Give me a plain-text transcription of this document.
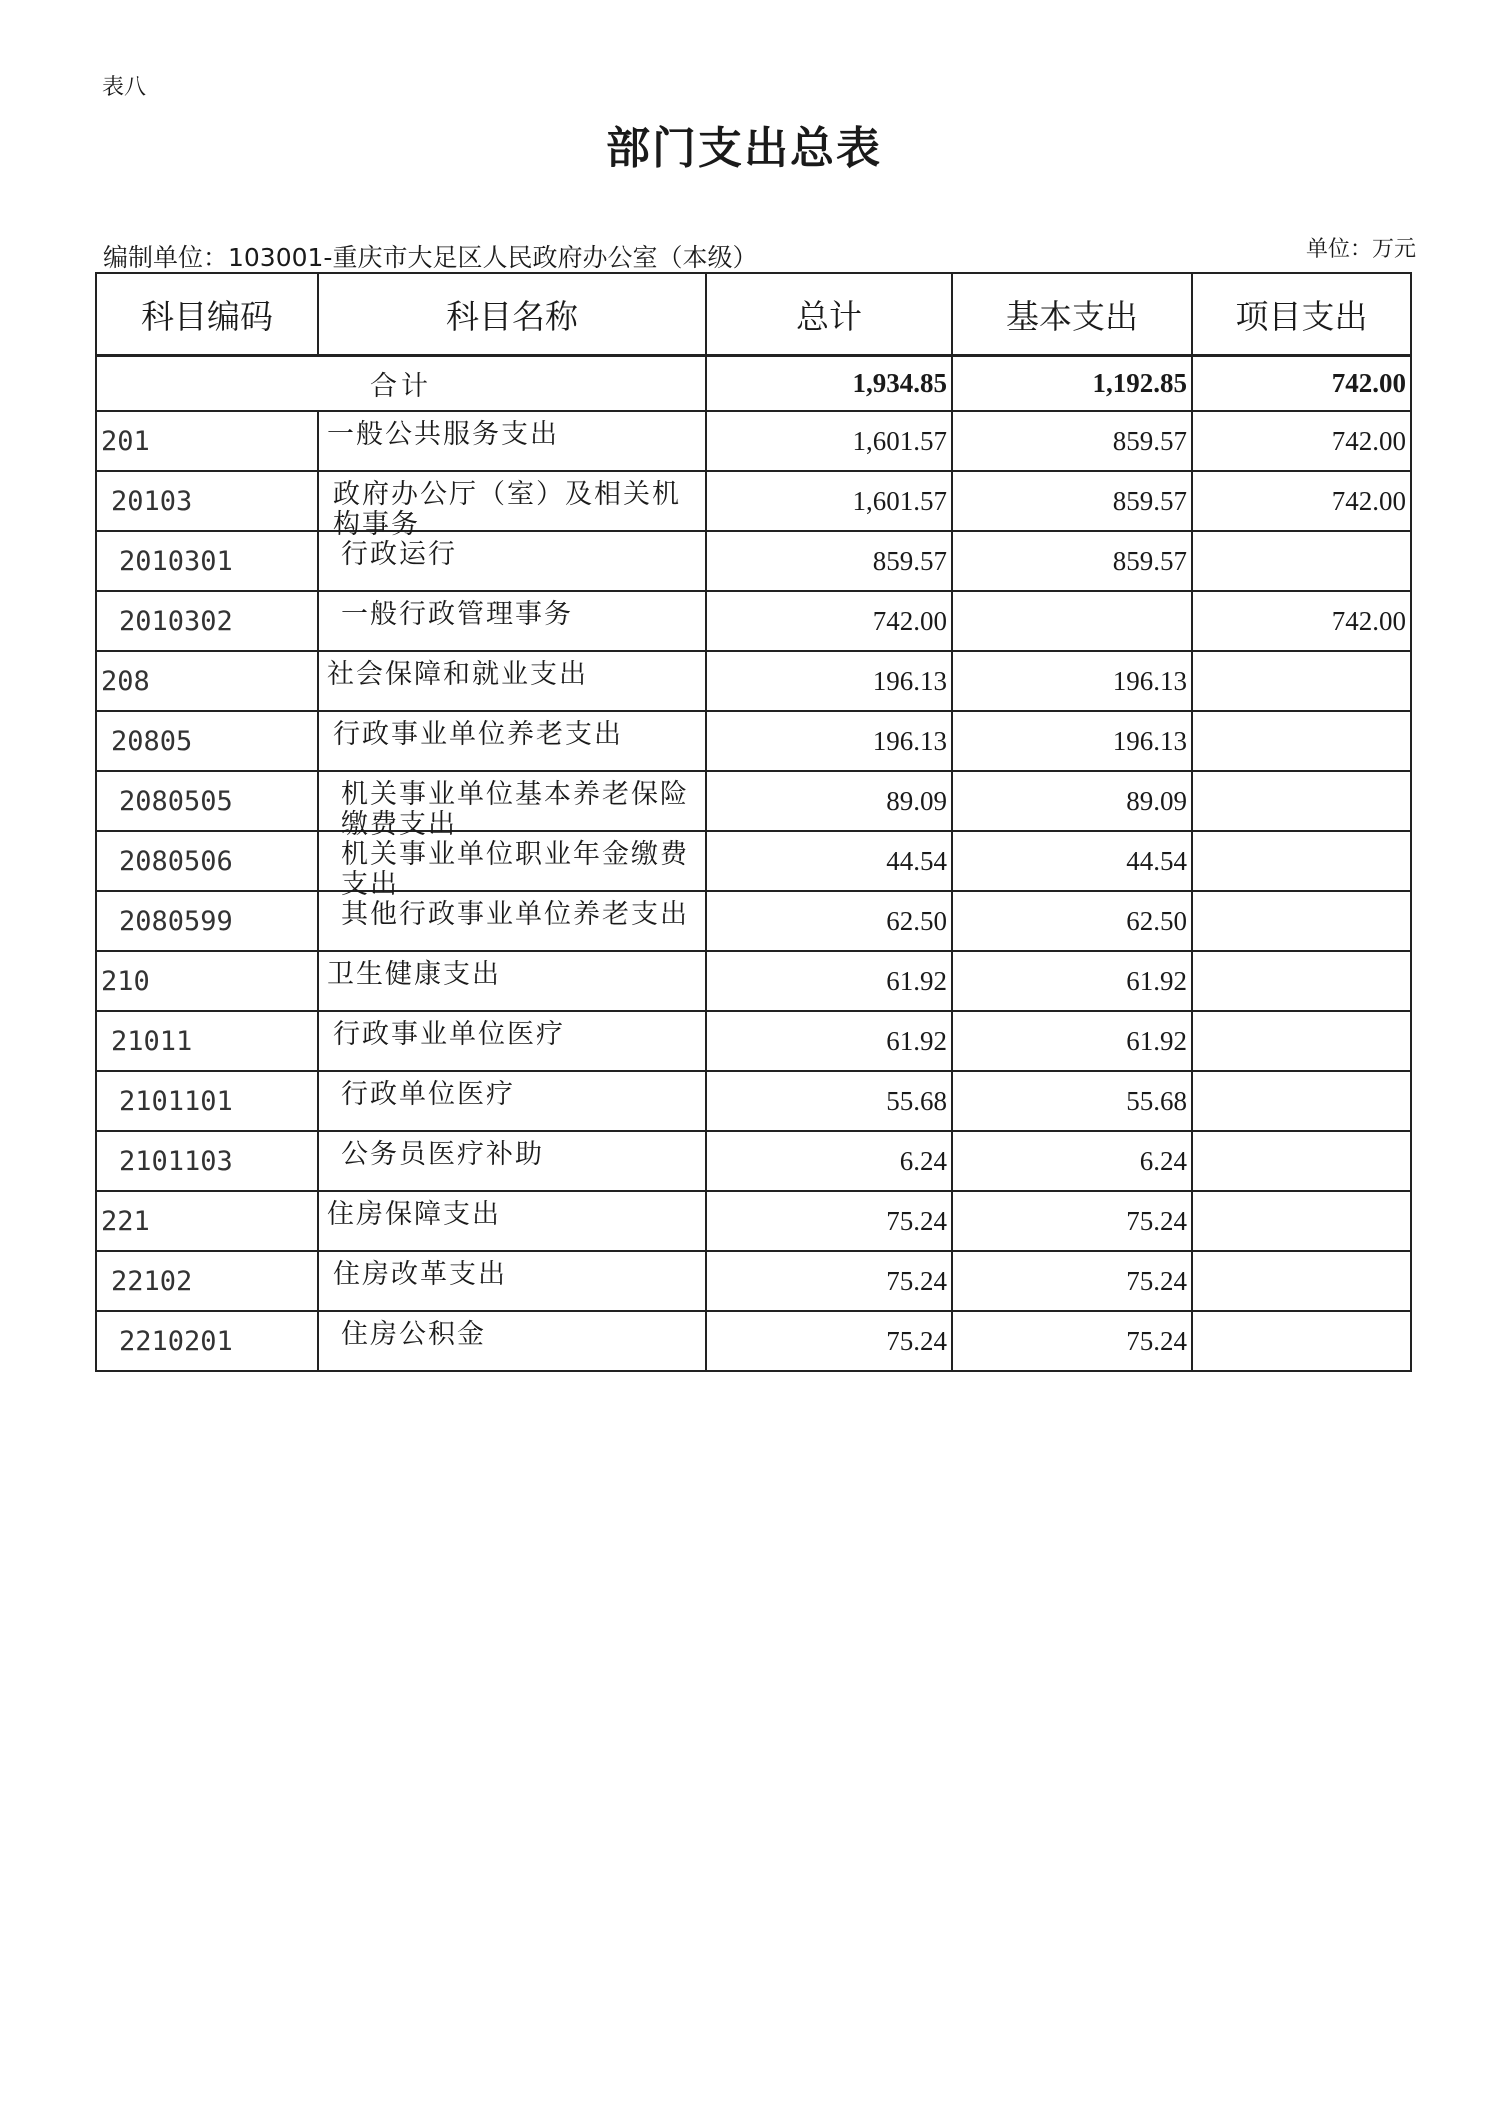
表八
部门支出总表
编制单位：103001-重庆市大足区人民政府办公室（本级）	单位：万元
科目编码	科目名称	总计	基本支出	项目支出
合计		1,934.85	1,192.85	742.00
201	一般公共服务支出	1,601.57	859.57	742.00
20103	政府办公厅（室）及相关机构事务	1,601.57	859.57	742.00
2010301	行政运行	859.57	859.57	
2010302	一般行政管理事务	742.00		742.00
208	社会保障和就业支出	196.13	196.13	
20805	行政事业单位养老支出	196.13	196.13	
2080505	机关事业单位基本养老保险缴费支出	89.09	89.09	
2080506	机关事业单位职业年金缴费支出	44.54	44.54	
2080599	其他行政事业单位养老支出	62.50	62.50	
210	卫生健康支出	61.92	61.92	
21011	行政事业单位医疗	61.92	61.92	
2101101	行政单位医疗	55.68	55.68	
2101103	公务员医疗补助	6.24	6.24	
221	住房保障支出	75.24	75.24	
22102	住房改革支出	75.24	75.24	
2210201	住房公积金	75.24	75.24	
